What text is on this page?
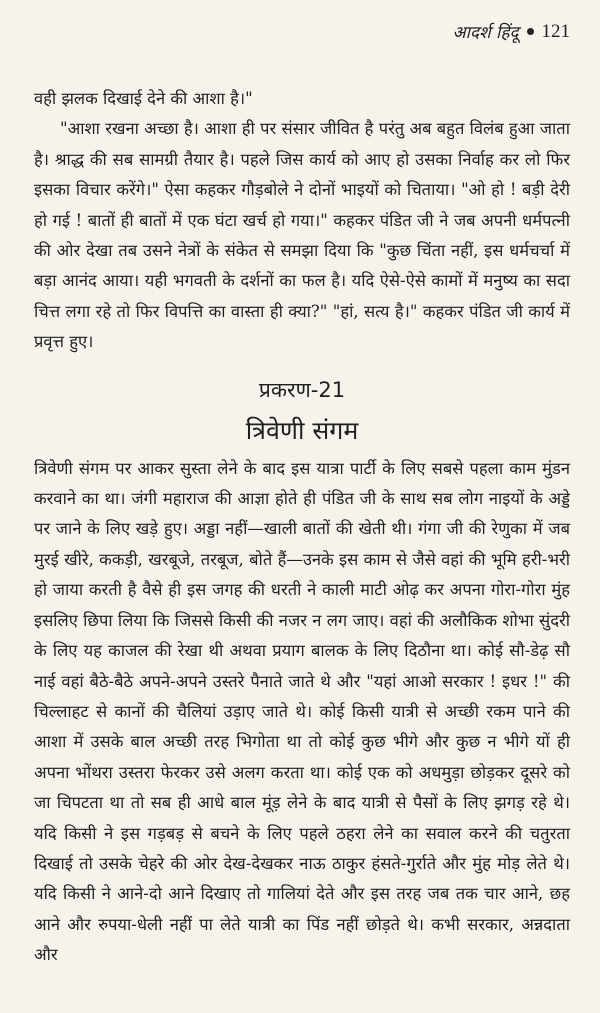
आदर्श हिंदू 121

वही झलक दिखाई देने की आशा है।"

"आशा रखना अच्छा है। आशा ही पर संसार जीवित है परंतु अब बहुत विलंब हुआ जाता है। श्राद्ध की सब सामग्री तैयार है। पहले जिस कार्य को आए हो उसका निर्वाह कर लो फिर इसका विचार करेंगे।" ऐसा कहकर गौड़बोले ने दोनों भाइयों को चिताया। "ओ हो ! बड़ी देरी हो गई ! बातों ही बातों में एक घंटा खर्च हो गया।" कहकर पंडित जी ने जब अपनी धर्मपत्नी की ओर देखा तब उसने नेत्रों के संकेत से समझा दिया कि "कुछ चिंता नहीं, इस धर्मचर्चा में बड़ा आनंद आया। यही भगवती के दर्शनों का फल है। यदि ऐसे-ऐसे कामों में मनुष्य का सदा चित्त लगा रहे तो फिर विपत्ति का वास्ता ही क्या?" "हां, सत्य है।" कहकर पंडित जी कार्य में प्रवृत्त हुए।

प्रकरण-21
त्रिवेणी संगम

त्रिवेणी संगम पर आकर सुस्ता लेने के बाद इस यात्रा पार्टी के लिए सबसे पहला काम मुंडन करवाने का था। जंगी महाराज की आज्ञा होते ही पंडित जी के साथ सब लोग नाइयों के अड्डे पर जाने के लिए खड़े हुए। अड्डा नहीं—खाली बातों की खेती थी। गंगा जी की रेणुका में जब मुरई खीरे, ककड़ी, खरबूजे, तरबूज, बोते हैं—उनके इस काम से जैसे वहां की भूमि हरी-भरी हो जाया करती है वैसे ही इस जगह की धरती ने काली माटी ओढ़ कर अपना गोरा-गोरा मुंह इसलिए छिपा लिया कि जिससे किसी की नजर न लग जाए। वहां की अलौकिक शोभा सुंदरी के लिए यह काजल की रेखा थी अथवा प्रयाग बालक के लिए दिठौना था। कोई सौ-डेढ़ सौ नाई वहां बैठे-बैठे अपने-अपने उस्तरे पैनाते जाते थे और "यहां आओ सरकार ! इधर !" की चिल्लाहट से कानों की चैलियां उड़ाए जाते थे। कोई किसी यात्री से अच्छी रकम पाने की आशा में उसके बाल अच्छी तरह भिगोता था तो कोई कुछ भीगे और कुछ न भीगे यों ही अपना भोंथरा उस्तरा फेरकर उसे अलग करता था। कोई एक को अधमुड़ा छोड़कर दूसरे को जा चिपटता था तो सब ही आधे बाल मूंड़ लेने के बाद यात्री से पैसों के लिए झगड़ रहे थे। यदि किसी ने इस गड़बड़ से बचने के लिए पहले ठहरा लेने का सवाल करने की चतुरता दिखाई तो उसके चेहरे की ओर देख-देखकर नाऊ ठाकुर हंसते-गुर्राते और मुंह मोड़ लेते थे। यदि किसी ने आने-दो आने दिखाए तो गालियां देते और इस तरह जब तक चार आने, छह आने और रुपया-धेली नहीं पा लेते यात्री का पिंड नहीं छोड़ते थे। कभी सरकार, अन्नदाता और
